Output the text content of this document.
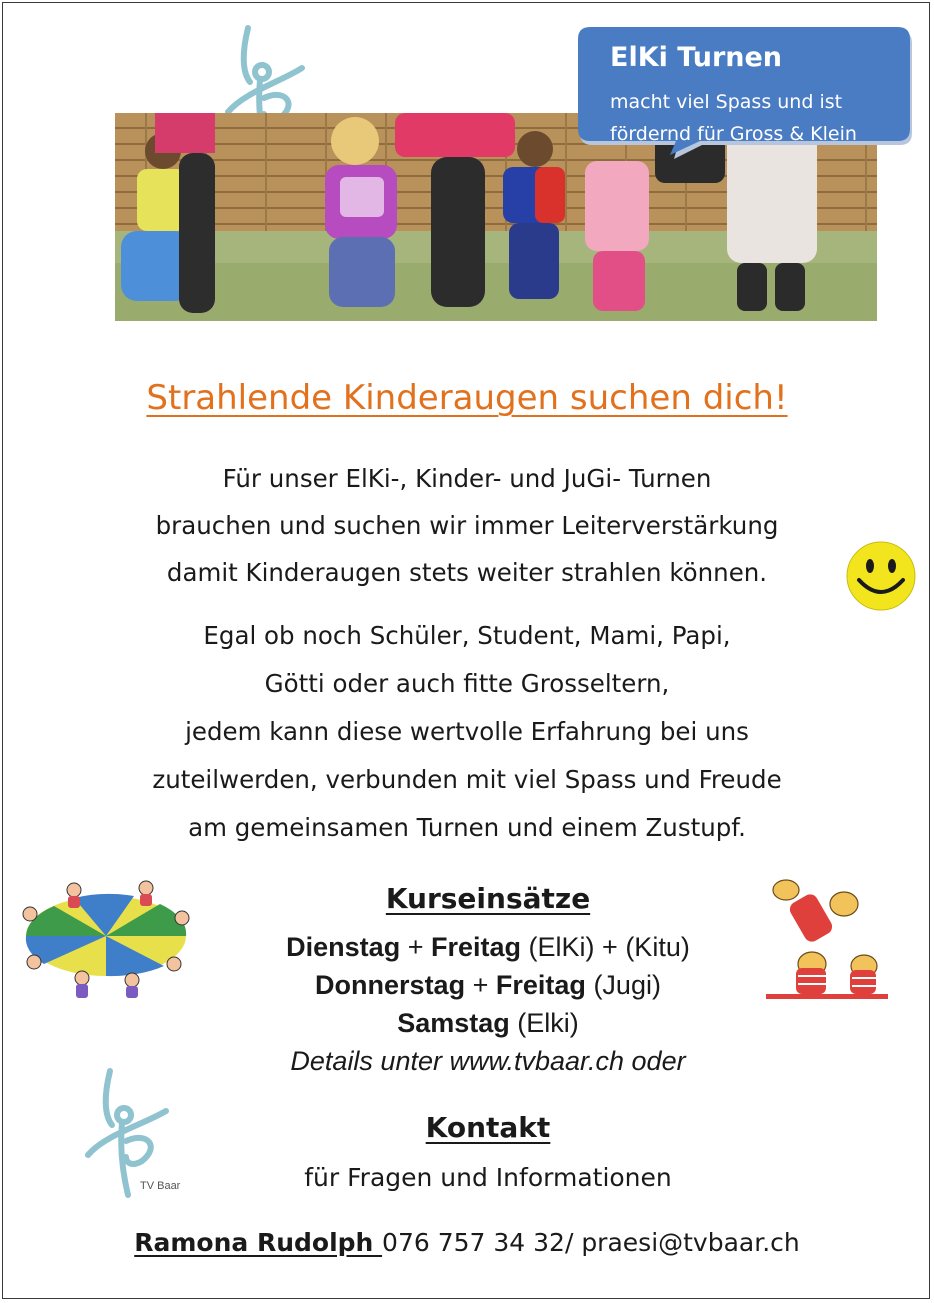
ElKi Turnen
macht viel Spass und ist
fördernd für Gross & Klein
Strahlende Kinderaugen suchen dich!
Für unser ElKi-, Kinder- und JuGi- Turnen
brauchen und suchen wir immer Leiterverstärkung
damit Kinderaugen stets weiter strahlen können.
Egal ob noch Schüler, Student, Mami, Papi,
Götti oder auch fitte Grosseltern,
jedem kann diese wertvolle Erfahrung bei uns
zuteilwerden, verbunden mit viel Spass und Freude
am gemeinsamen Turnen und einem Zustupf.
Kurseinsätze
Dienstag + Freitag (ElKi) + (Kitu)
Donnerstag + Freitag (Jugi)
Samstag (Elki)
Details unter www.tvbaar.ch oder
TV Baar
Kontakt
für Fragen und Informationen
Ramona Rudolph 076 757 34 32/ praesi@tvbaar.ch
